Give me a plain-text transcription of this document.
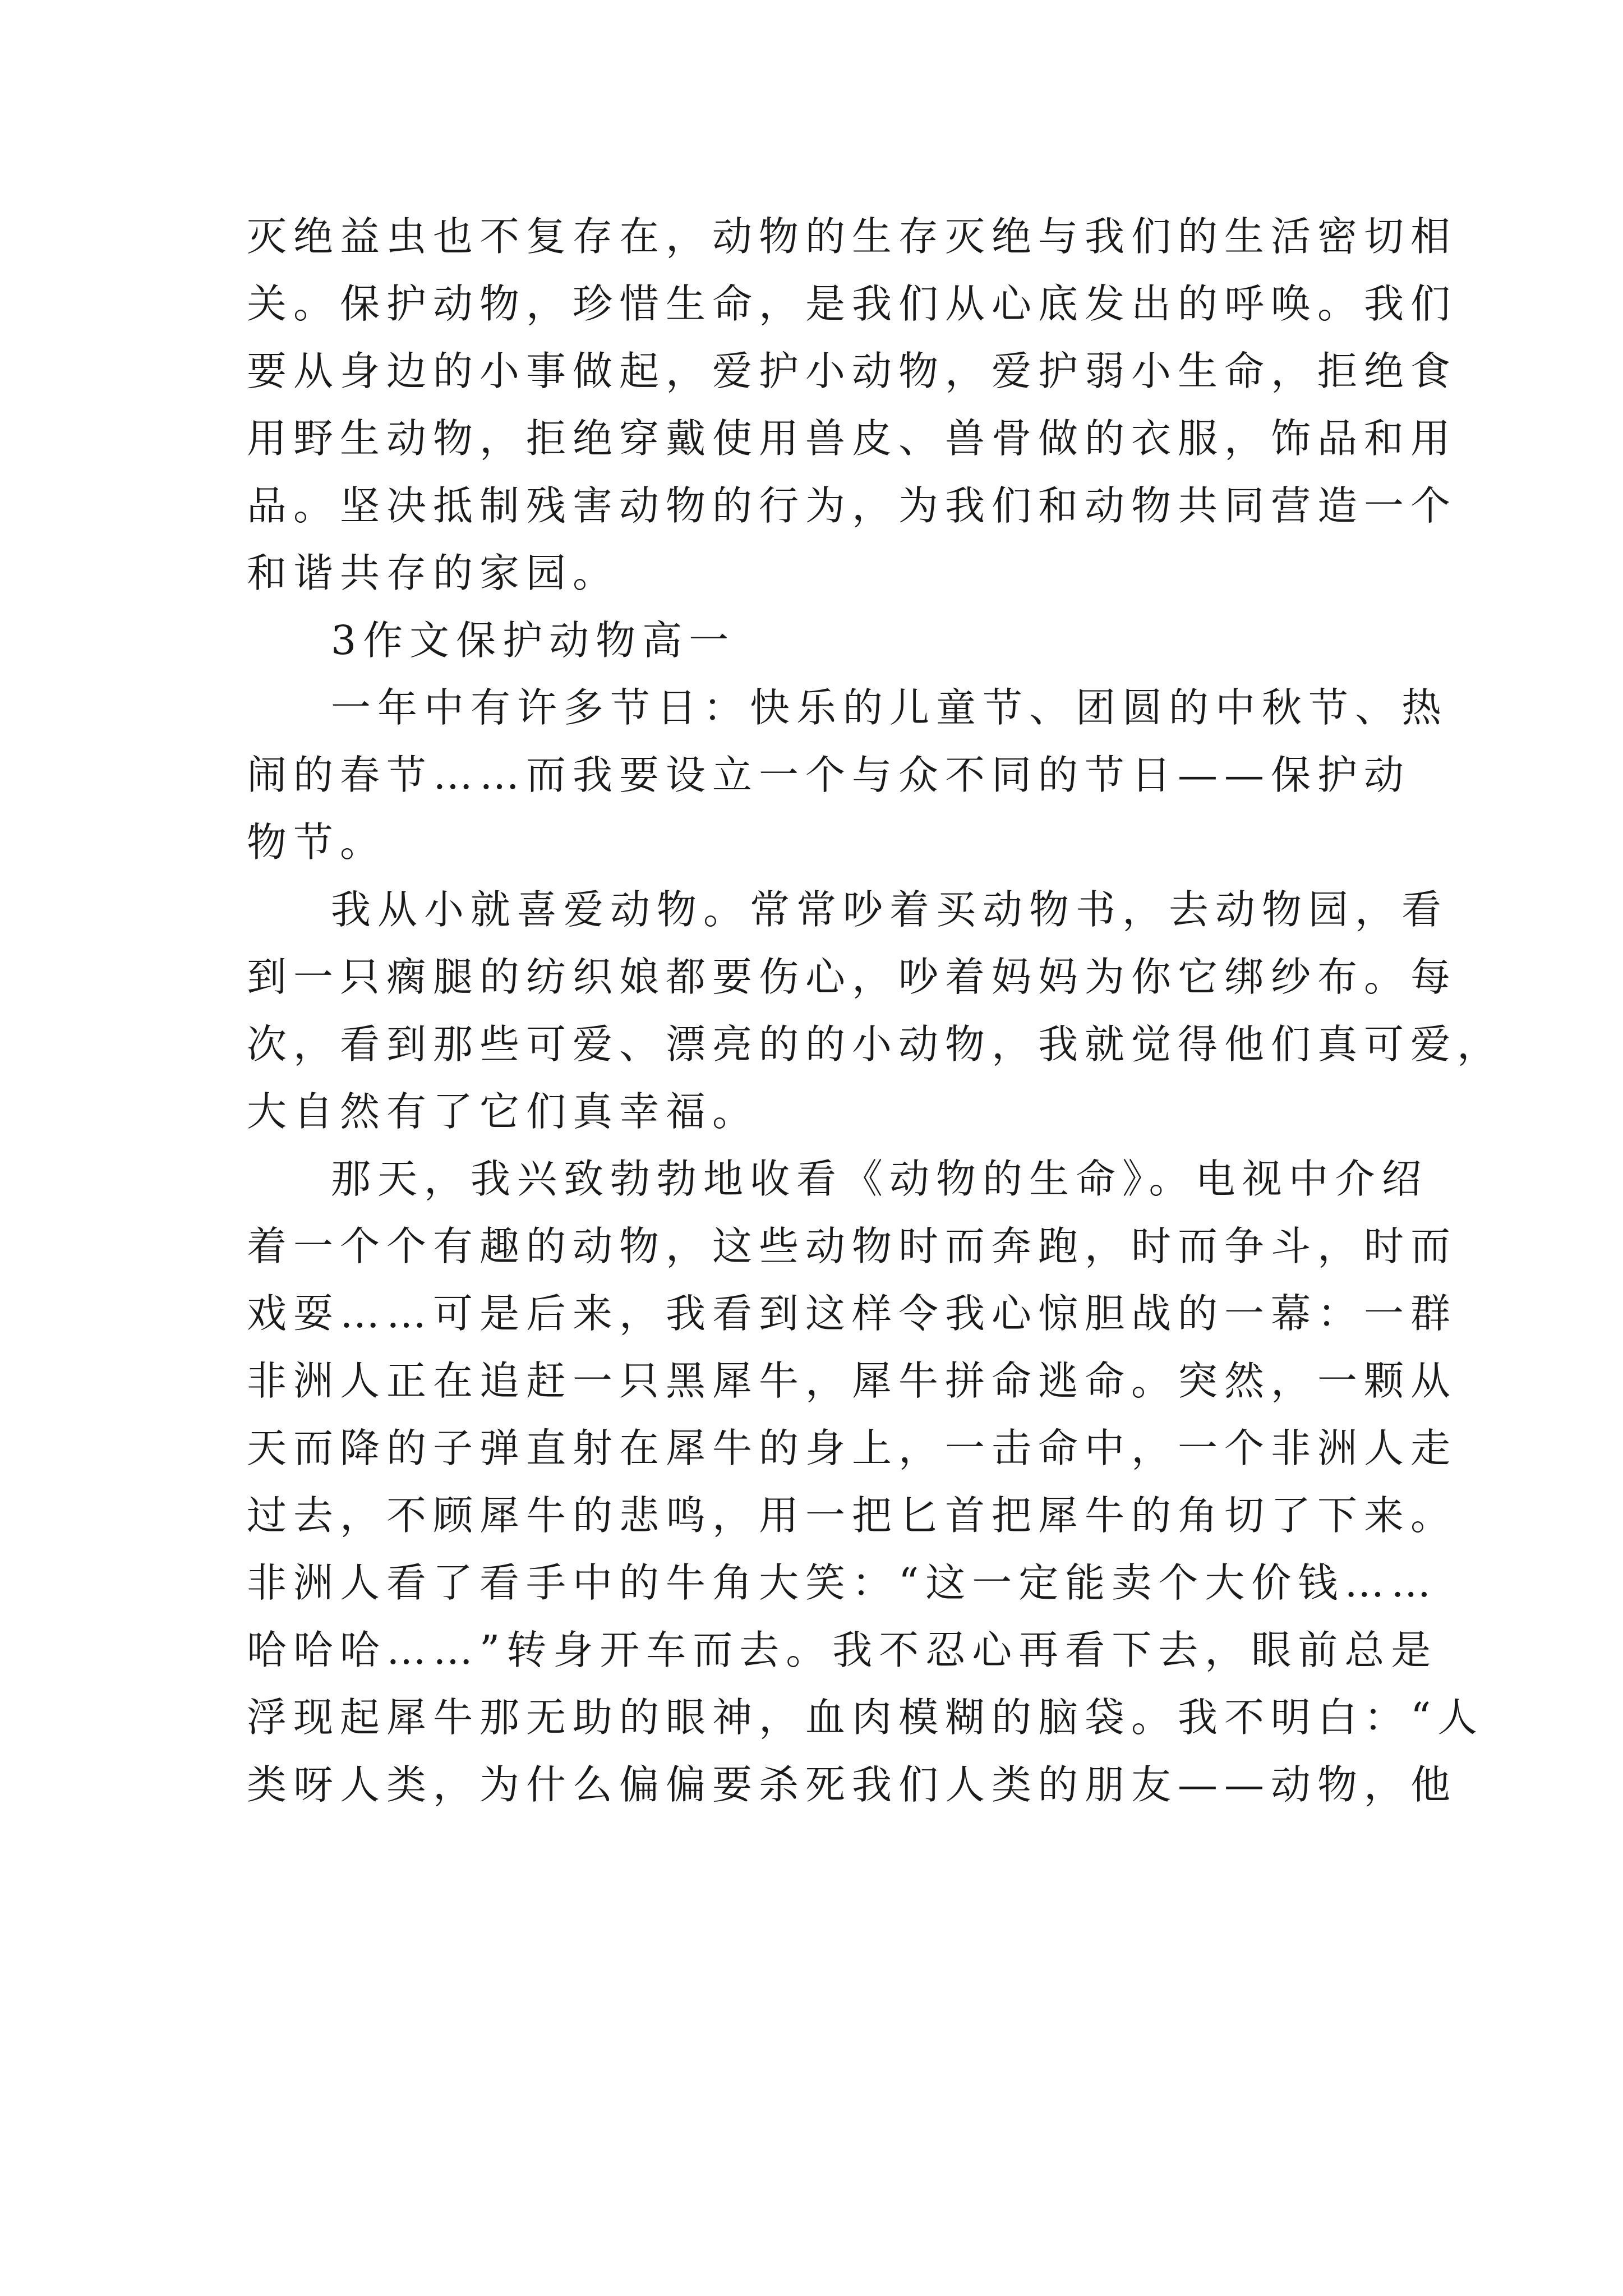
灭绝益虫也不复存在，动物的生存灭绝与我们的生活密切相
关。保护动物，珍惜生命，是我们从心底发出的呼唤。我们
要从身边的小事做起，爱护小动物，爱护弱小生命，拒绝食
用野生动物，拒绝穿戴使用兽皮、兽骨做的衣服，饰品和用
品。坚决抵制残害动物的行为，为我们和动物共同营造一个
和谐共存的家园。
3作文保护动物高一
一年中有许多节日：快乐的儿童节、团圆的中秋节、热
闹的春节……而我要设立一个与众不同的节日——保护动
物节。
我从小就喜爱动物。常常吵着买动物书，去动物园，看
到一只瘸腿的纺织娘都要伤心，吵着妈妈为你它绑纱布。每
次，看到那些可爱、漂亮的的小动物，我就觉得他们真可爱，
大自然有了它们真幸福。
那天，我兴致勃勃地收看《动物的生命》。电视中介绍
着一个个有趣的动物，这些动物时而奔跑，时而争斗，时而
戏耍……可是后来，我看到这样令我心惊胆战的一幕：一群
非洲人正在追赶一只黑犀牛，犀牛拼命逃命。突然，一颗从
天而降的子弹直射在犀牛的身上，一击命中，一个非洲人走
过去，不顾犀牛的悲鸣，用一把匕首把犀牛的角切了下来。
非洲人看了看手中的牛角大笑：“这一定能卖个大价钱……
哈哈哈……”转身开车而去。我不忍心再看下去，眼前总是
浮现起犀牛那无助的眼神，血肉模糊的脑袋。我不明白：“人
类呀人类，为什么偏偏要杀死我们人类的朋友——动物，他
